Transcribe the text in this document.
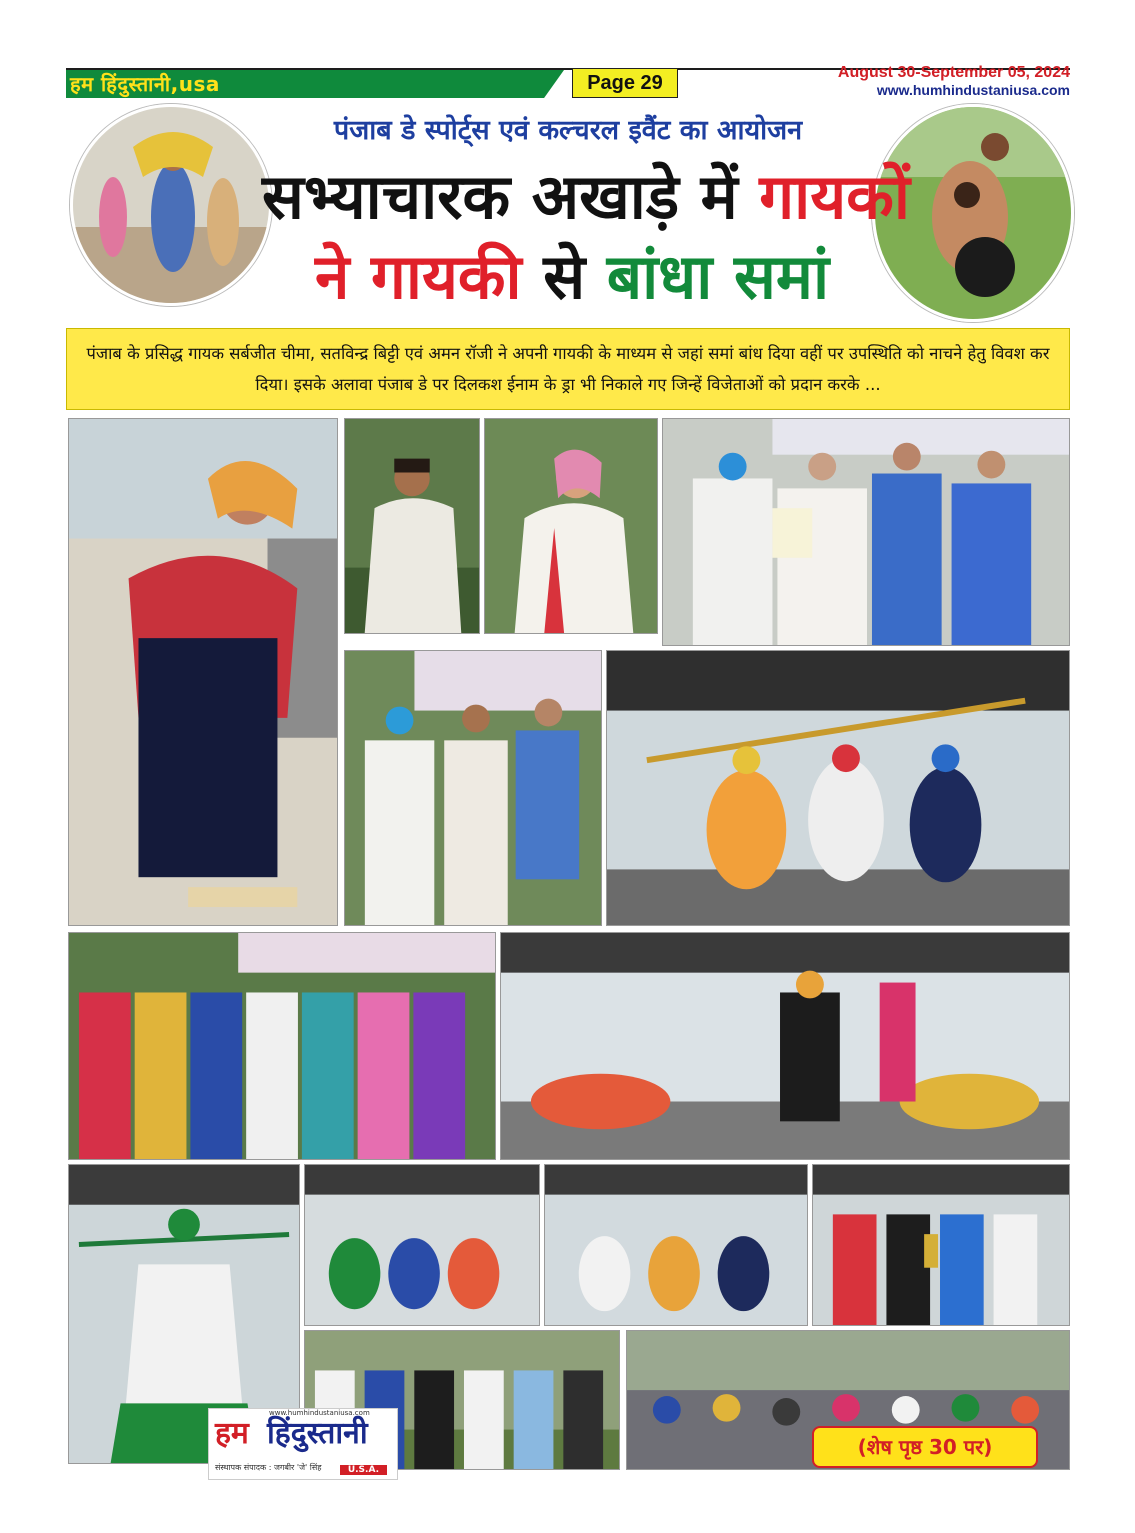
हम हिंदुस्तानी,usa	Page 29	August 30-September 05, 2024
www.humhindustaniusa.com
पंजाब डे स्पोर्ट्स एवं कल्चरल इवैंट का आयोजन
सभ्याचारक अखाड़े में गायकों
ने गायकी से बांधा समां
पंजाब के प्रसिद्ध गायक सर्बजीत चीमा, सतविन्द्र बिट्टी एवं अमन रॉजी ने अपनी गायकी के माध्यम से जहां समां बांध दिया वहीं पर उपस्थिति को नाचने हेतु विवश कर दिया। इसके अलावा पंजाब डे पर दिलकश ईनाम के ड्रा भी निकाले गए जिन्हें विजेताओं को प्रदान करके ...
हम हिंदुस्तानी
www.humhindustaniusa.com
संस्थापक संपादक : जगबीर 'जे' सिंह	U.S.A.
(शेष पृष्ठ 30 पर)
